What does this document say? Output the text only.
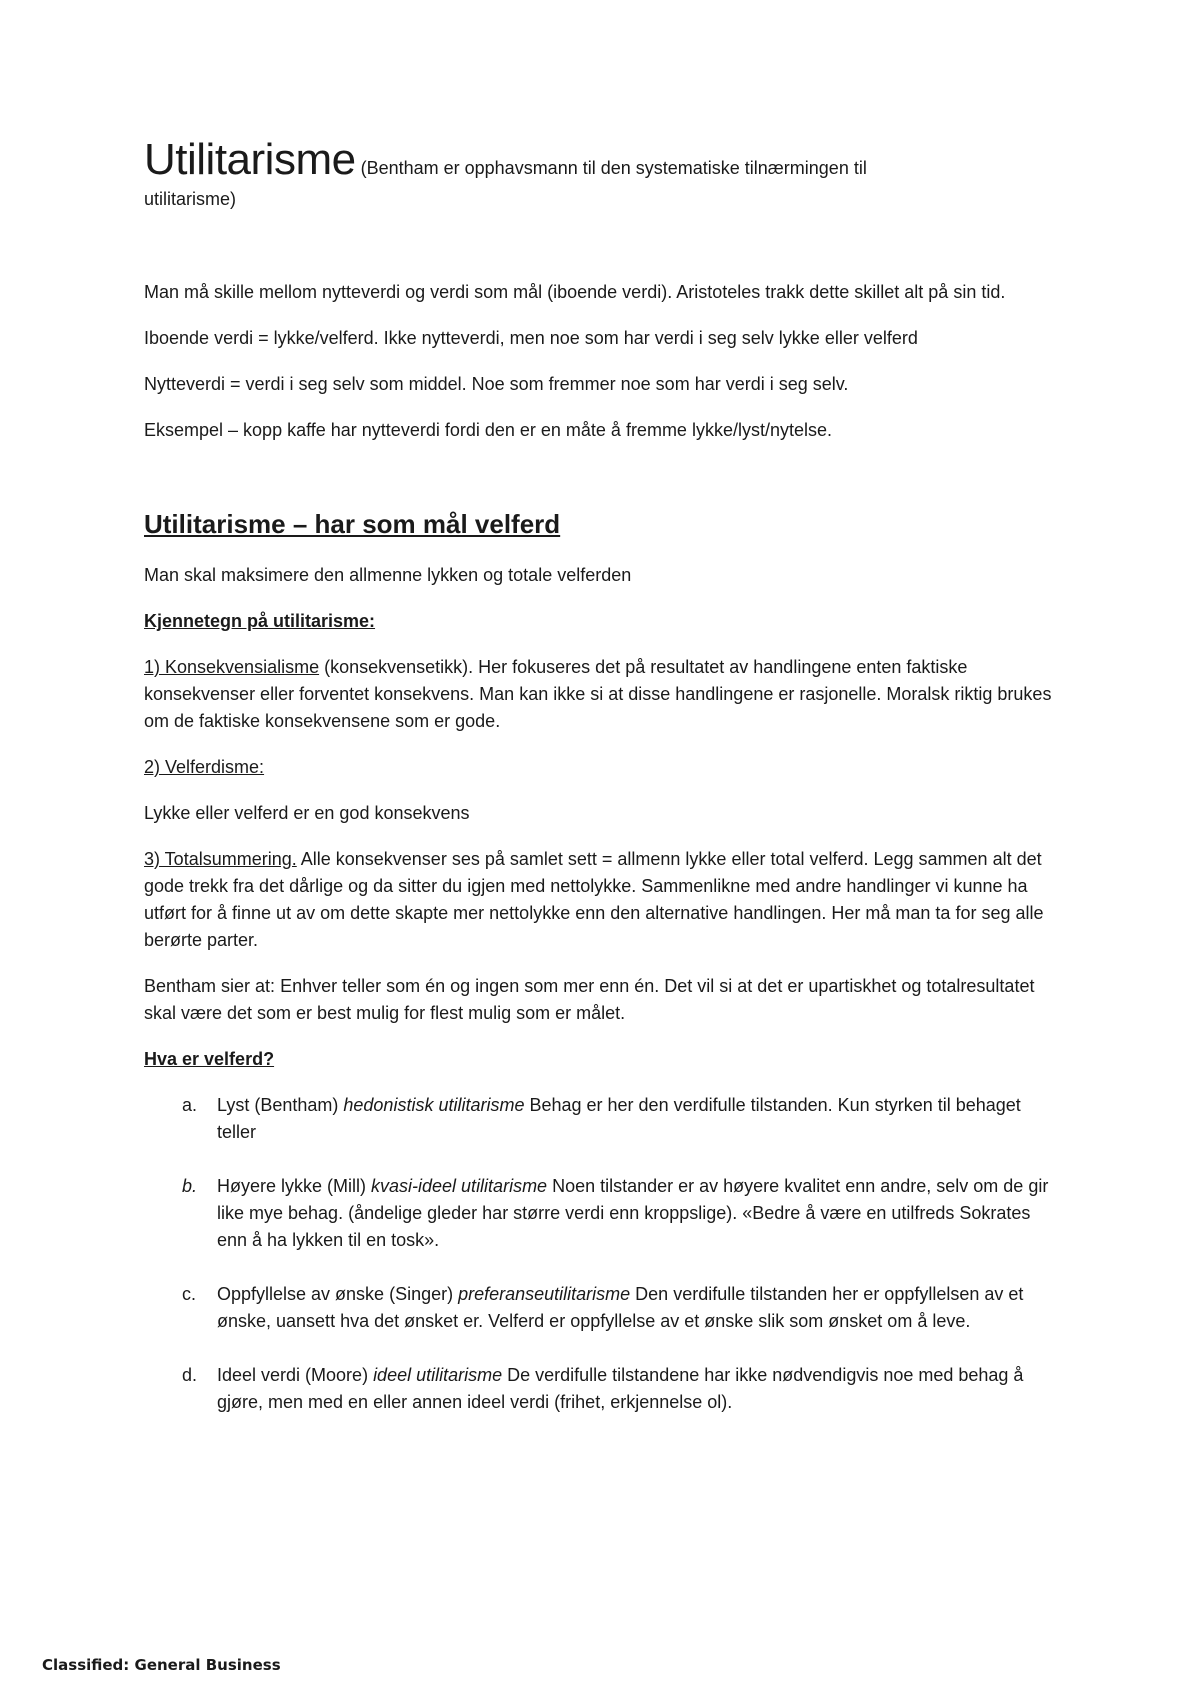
Utilitarisme (Bentham er opphavsmann til den systematiske tilnærmingen til

utilitarisme)

Man må skille mellom nytteverdi og verdi som mål (iboende verdi). Aristoteles trakk dette skillet alt på sin tid.

Iboende verdi = lykke/velferd. Ikke nytteverdi, men noe som har verdi i seg selv lykke eller velferd

Nytteverdi = verdi i seg selv som middel. Noe som fremmer noe som har verdi i seg selv.

Eksempel – kopp kaffe har nytteverdi fordi den er en måte å fremme lykke/lyst/nytelse.

Utilitarisme – har som mål velferd

Man skal maksimere den allmenne lykken og totale velferden

Kjennetegn på utilitarisme:

1) Konsekvensialisme (konsekvensetikk). Her fokuseres det på resultatet av handlingene enten faktiske konsekvenser eller forventet konsekvens. Man kan ikke si at disse handlingene er rasjonelle. Moralsk riktig brukes om de faktiske konsekvensene som er gode.

2) Velferdisme:

Lykke eller velferd er en god konsekvens

3) Totalsummering. Alle konsekvenser ses på samlet sett = allmenn lykke eller total velferd. Legg sammen alt det gode trekk fra det dårlige og da sitter du igjen med nettolykke. Sammenlikne med andre handlinger vi kunne ha utført for å finne ut av om dette skapte mer nettolykke enn den alternative handlingen. Her må man ta for seg alle berørte parter.

Bentham sier at: Enhver teller som én og ingen som mer enn én. Det vil si at det er upartiskhet og totalresultatet skal være det som er best mulig for flest mulig som er målet.

Hva er velferd?

a. Lyst (Bentham) hedonistisk utilitarisme Behag er her den verdifulle tilstanden. Kun styrken til behaget teller
b. Høyere lykke (Mill) kvasi-ideel utilitarisme Noen tilstander er av høyere kvalitet enn andre, selv om de gir like mye behag. (åndelige gleder har større verdi enn kroppslige). «Bedre å være en utilfreds Sokrates enn å ha lykken til en tosk».
c. Oppfyllelse av ønske (Singer) preferanseutilitarisme Den verdifulle tilstanden her er oppfyllelsen av et ønske, uansett hva det ønsket er. Velferd er oppfyllelse av et ønske slik som ønsket om å leve.
d. Ideel verdi (Moore) ideel utilitarisme De verdifulle tilstandene har ikke nødvendigvis noe med behag å gjøre, men med en eller annen ideel verdi (frihet, erkjennelse ol).
Classified: General Business
